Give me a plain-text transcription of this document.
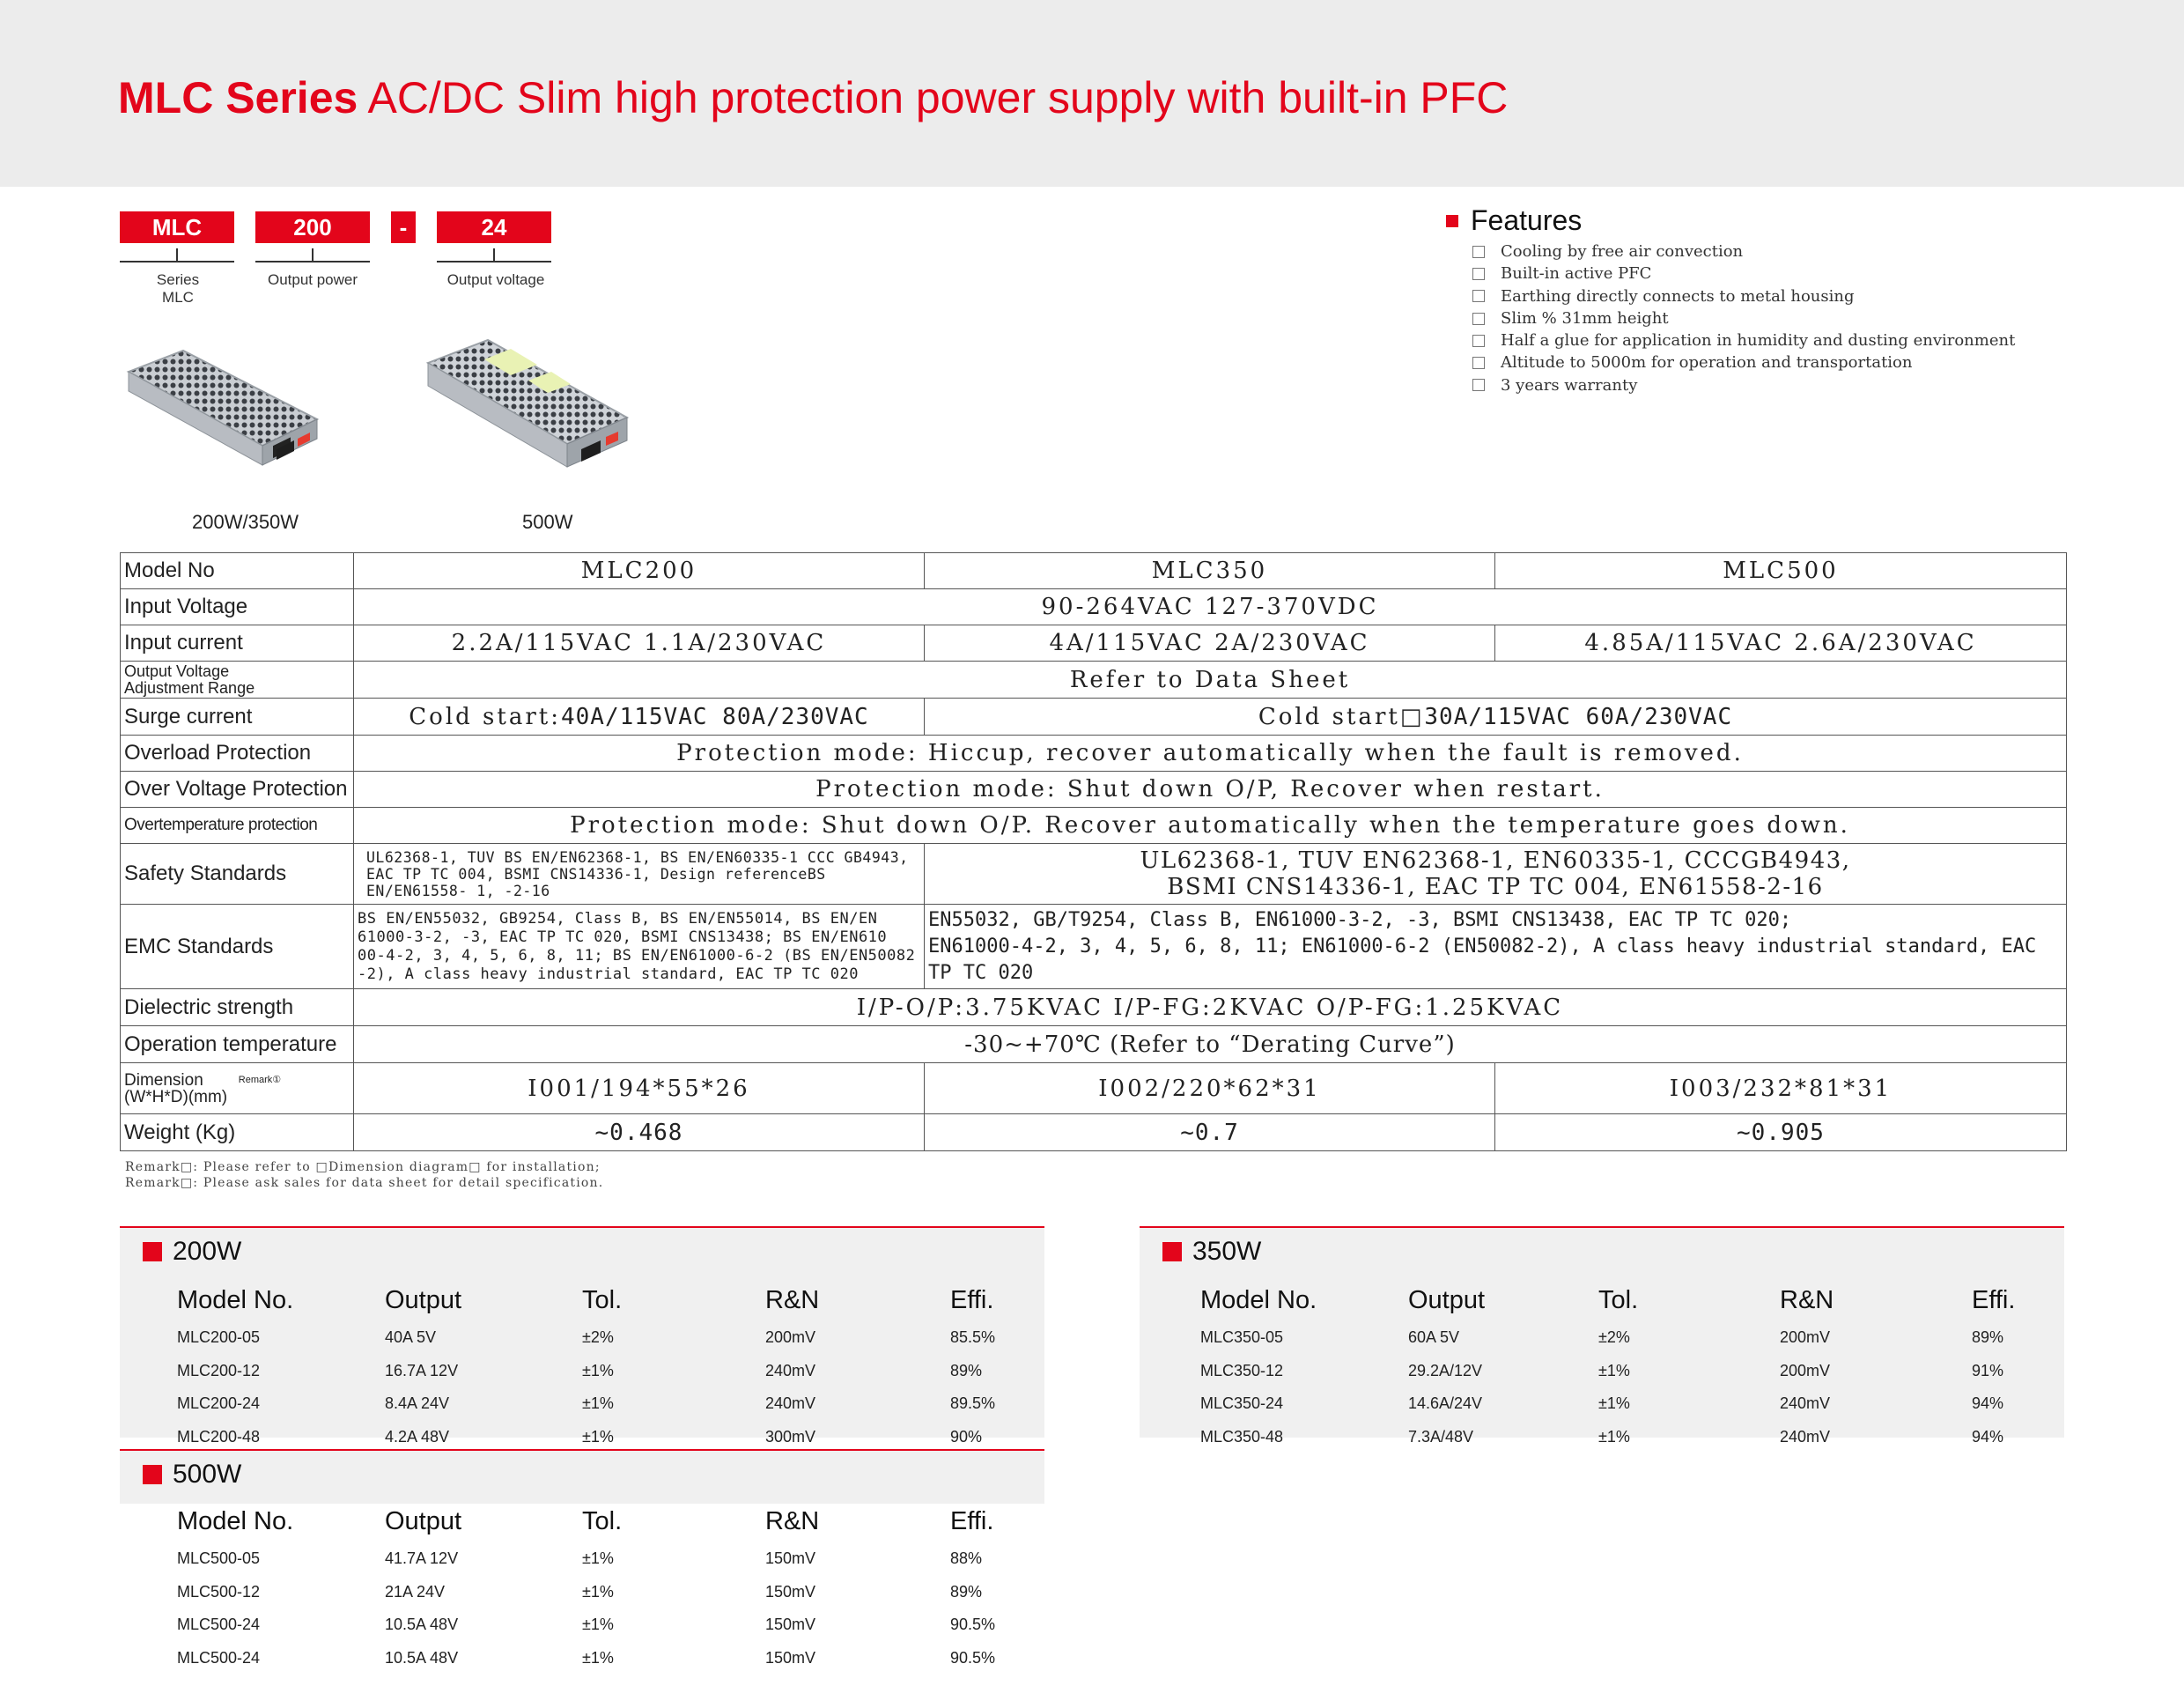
MLC Series AC/DC Slim high protection power supply with built-in PFC
MLC	200	-	24
Series
MLC
Output power	Output voltage
200W/350W	500W
Features
Cooling by free air convection
Built-in active PFC
Earthing directly connects to metal housing
Slim % 31mm height
Half a glue for application in humidity and dusting environment
Altitude to 5000m for operation and transportation
3 years warranty
Model No	MLC200	MLC350	MLC500
Input Voltage	90-264VAC 127-370VDC		
Input current	2.2A/115VAC 1.1A/230VAC	4A/115VAC 2A/230VAC	4.85A/115VAC 2.6A/230VAC

Output Voltage
Adjustment Range	Refer to Data Sheet		
Surge current	Cold start:40A/115VAC 80A/230VAC	Cold start□30A/115VAC 60A/230VAC	
Overload Protection	Protection mode: Hiccup, recover automatically when the fault is removed.		
Over Voltage Protection	Protection mode: Shut down O/P, Recover when restart.		
Overtemperature protection	Protection mode: Shut down O/P. Recover automatically when the temperature goes down.		
Safety Standards	UL62368-1, TUV BS EN/EN62368-1, BS EN/EN60335-1 CCC GB4943, EAC TP TC 004, BSMI CNS14336-1, Design referenceBS EN/EN61558- 1, -2-16	UL62368-1, TUV EN62368-1, EN60335-1, CCCGB4943,
BSMI CNS14336-1, EAC TP TC 004, EN61558-2-16	

EMC Standards	BS EN/EN55032, GB9254, Class B, BS EN/EN55014, BS EN/EN 61000-3-2, -3, EAC TP TC 020, BSMI CNS13438; BS EN/EN610 00-4-2, 3, 4, 5, 6, 8, 11; BS EN/EN61000-6-2 (BS EN/EN50082 -2), A class heavy industrial standard, EAC TP TC 020	EN55032, GB/T9254, Class B, EN61000-3-2, -3, BSMI CNS13438, EAC TP TC 020;
EN61000-4-2, 3, 4, 5, 6, 8, 11; EN61000-6-2 (EN50082-2), A class heavy industrial standard, EAC TP TC 020	

Dielectric strength	I/P-O/P:3.75KVAC I/P-FG:2KVAC O/P-FG:1.25KVAC		
Operation temperature	-30~+70℃ (Refer to “Derating Curve”)		

Dimension $^{Remark①}$
(W*H*D)(mm)	I001/194*55*26	I002/220*62*31	I003/232*81*31
Weight (Kg)	~0.468	~0.7	~0.905
Remark□: Please refer to □Dimension diagram□ for installation;
Remark□: Please ask sales for data sheet for detail specification.
200W
	Model No.	Output	Tol.	R&N	Effi.
	MLC200-05	40A 5V	±2%	200mV	85.5%
	MLC200-12	16.7A 12V	±1%	240mV	89%
	MLC200-24	8.4A 24V	±1%	240mV	89.5%
	MLC200-48	4.2A 48V	±1%	300mV	90%
350W
	Model No.	Output	Tol.	R&N	Effi.
	MLC350-05	60A 5V	±2%	200mV	89%
	MLC350-12	29.2A/12V	±1%	200mV	91%
	MLC350-24	14.6A/24V	±1%	240mV	94%
	MLC350-48	7.3A/48V	±1%	240mV	94%
500W
	Model No.	Output	Tol.	R&N	Effi.
	MLC500-05	41.7A 12V	±1%	150mV	88%
	MLC500-12	21A 24V	±1%	150mV	89%
	MLC500-24	10.5A 48V	±1%	150mV	90.5%
	MLC500-24	10.5A 48V	±1%	150mV	90.5%
